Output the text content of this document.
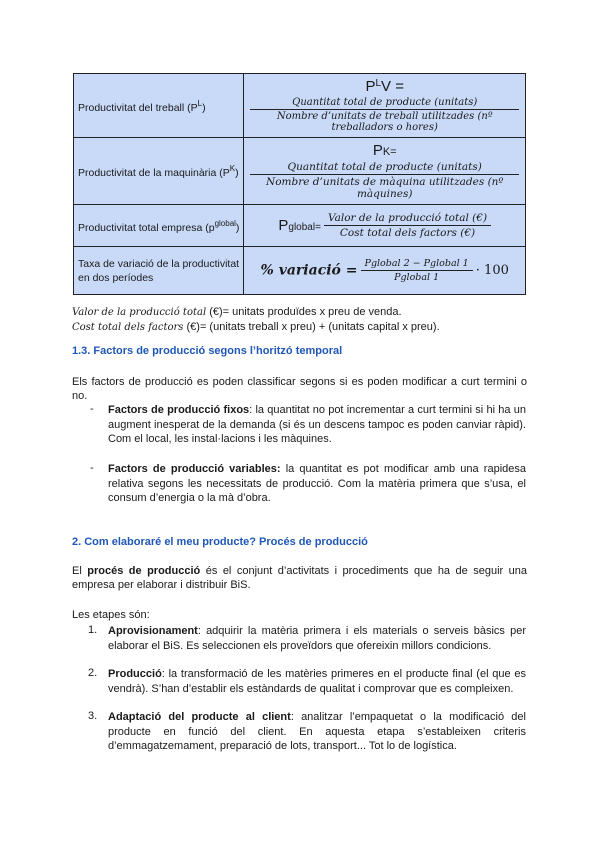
Productivitat del treball $(P^L)$	$P^LV$ =
Quantitat total de producte (unitats)
Nombre d’unitats de treball utilitzades (nº treballadors o hores)

Productivitat de la maquinària $(P^K)$	PK=
$\frac{\text{Quantitat total de producte (unitats)}}{\text{Nombre d’unitats de màquina utilitzades (nº màquines)}}$

Productivitat total empresa $(p^{global})$	Pglobal= $\frac{\text{Valor de la producció total (€)}}{\text{Cost total dels factors (€)}}$

Taxa de variació de la productivitat en dos períodes	% variació = $\frac{\text{Pglobal 2 − Pglobal 1}}{\text{Pglobal 1}} \cdot 100$
Valor de la producció total (€)= unitats produïdes x preu de venda.
Cost total dels factors (€)= (unitats treball x preu) + (unitats capital x preu).
1.3. Factors de producció segons l’horitzó temporal
Els factors de producció es poden classificar segons si es poden modificar a curt termini o no.
- Factors de producció fixos: la quantitat no pot incrementar a curt termini si hi ha un augment inesperat de la demanda (si és un descens tampoc es poden canviar ràpid). Com el local, les instal·lacions i les màquines.
- Factors de producció variables: la quantitat es pot modificar amb una rapidesa relativa segons les necessitats de producció. Com la matèria primera que s’usa, el consum d’energia o la mà d’obra.
2. Com elaboraré el meu producte? Procés de producció
El procés de producció és el conjunt d’activitats i procediments que ha de seguir una empresa per elaborar i distribuir BiS.
Les etapes són:
1. Aprovisionament: adquirir la matèria primera i els materials o serveis bàsics per elaborar el BiS. Es seleccionen els proveïdors que ofereixin millors condicions.
2. Producció: la transformació de les matèries primeres en el producte final (el que es vendrà). S’han d’establir els estàndards de qualitat i comprovar que es compleixen.
3. Adaptació del producte al client: analitzar l’empaquetat o la modificació del producte en funció del client. En aquesta etapa s’estableixen criteris d’emmagatzemament, preparació de lots, transport... Tot lo de logística.
